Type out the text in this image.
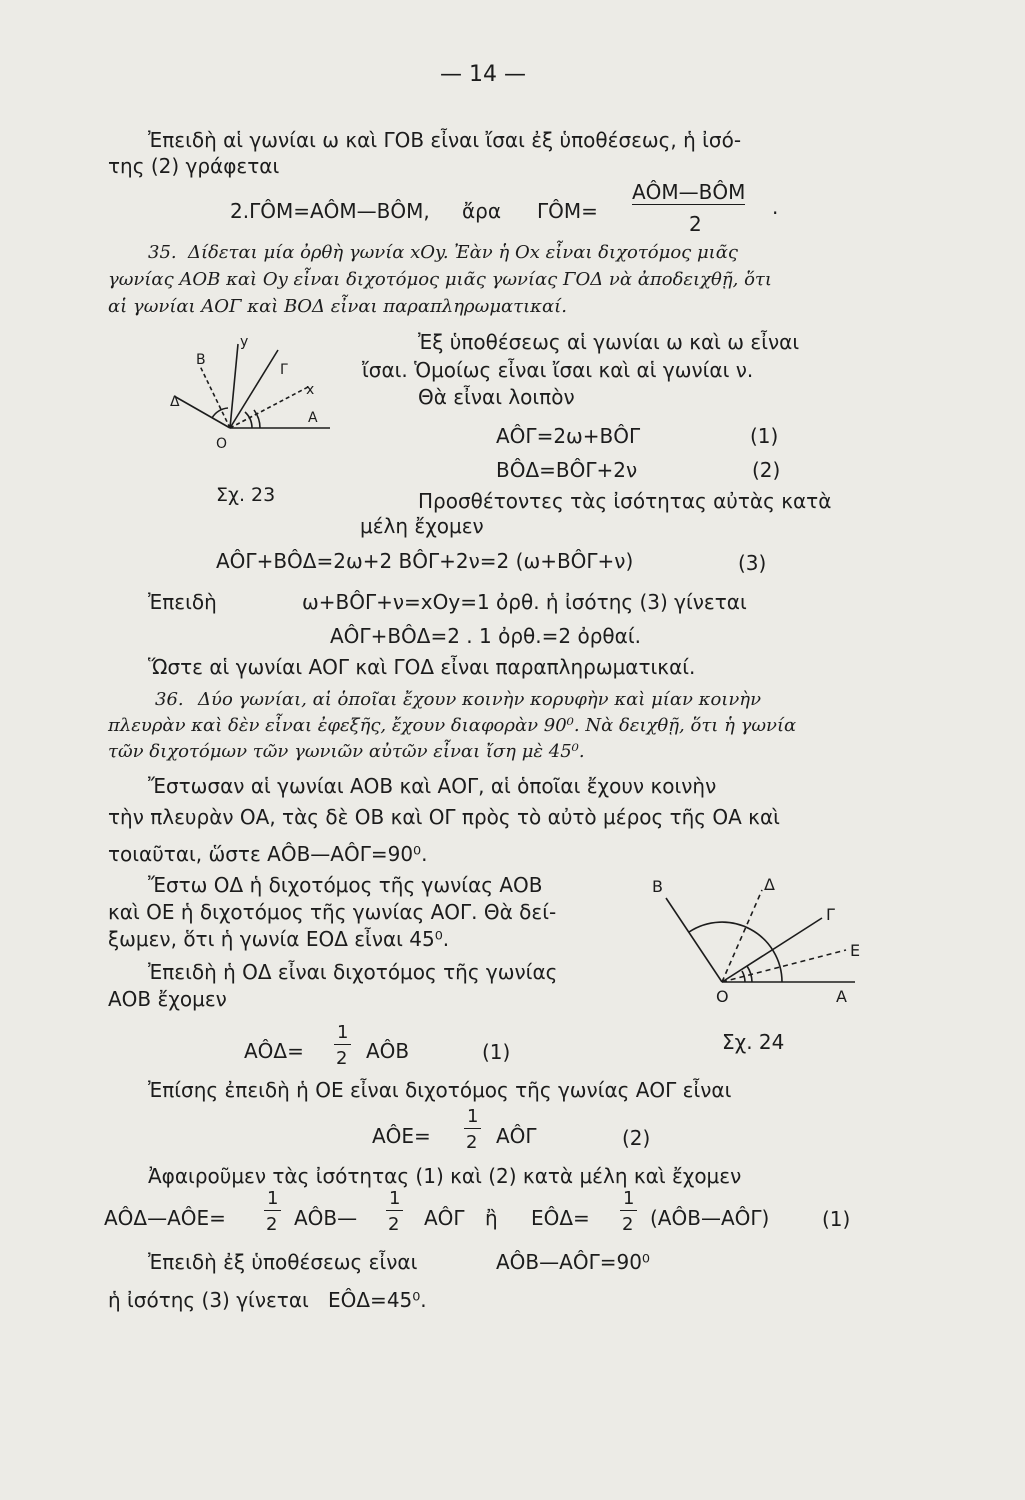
— 14 —
Ἐπειδὴ αἱ γωνίαι ω καὶ ΓΟΒ εἶναι ἴσαι ἐξ ὑποθέσεως, ἡ ἰσό-
της (2) γράφεται
2.ΓÔΜ=ΑÔΜ—ΒÔΜ, ἄρα ΓÔΜ=
ΑÔΜ—ΒÔΜ
2
.
35. Δίδεται μία ὀρθὴ γωνία xOy. Ἐὰν ἡ Ox εἶναι διχοτόμος μιᾶς
γωνίας ΑΟΒ καὶ Οy εἶναι διχοτόμος μιᾶς γωνίας ΓΟΔ νὰ ἀποδειχθῇ, ὅτι
αἱ γωνίαι ΑΟΓ καὶ ΒΟΔ εἶναι παραπληρωματικαί.
O
Δ
y
Γ
Β
x
Α
Σχ. 23
Ἐξ ὑποθέσεως αἱ γωνίαι ω καὶ ω εἶναι
ἴσαι. Ὁμοίως εἶναι ἴσαι καὶ αἱ γωνίαι ν.
Θὰ εἶναι λοιπὸν
ΑÔΓ=2ω+ΒÔΓ	(1)
ΒÔΔ=ΒÔΓ+2ν	(2)
Προσθέτοντες τὰς ἰσότητας αὐτὰς κατὰ
μέλη ἔχομεν
ΑÔΓ+ΒÔΔ=2ω+2 ΒÔΓ+2ν=2 (ω+ΒÔΓ+ν)	(3)
Ἐπειδὴ	ω+ΒÔΓ+ν=xOy=1 ὀρθ. ἡ ἰσότης (3) γίνεται
ΑÔΓ+ΒÔΔ=2 . 1 ὀρθ.=2 ὀρθαί.
Ὥστε αἱ γωνίαι ΑΟΓ καὶ ΓΟΔ εἶναι παραπληρωματικαί.
36. Δύο γωνίαι, αἱ ὁποῖαι ἔχουν κοινὴν κορυφὴν καὶ μίαν κοινὴν
πλευρὰν καὶ δὲν εἶναι ἐφεξῆς, ἔχουν διαφορὰν 90⁰. Νὰ δειχθῇ, ὅτι ἡ γωνία
τῶν διχοτόμων τῶν γωνιῶν αὐτῶν εἶναι ἴση μὲ 45⁰.
Ἔστωσαν αἱ γωνίαι ΑΟΒ καὶ ΑΟΓ, αἱ ὁποῖαι ἔχουν κοινὴν
τὴν πλευρὰν ΟΑ, τὰς δὲ ΟΒ καὶ ΟΓ πρὸς τὸ αὐτὸ μέρος τῆς ΟΑ καὶ
τοιαῦται, ὥστε ΑÔΒ—ΑÔΓ=90⁰.
Ἔστω ΟΔ ἡ διχοτόμος τῆς γωνίας ΑΟΒ
καὶ ΟΕ ἡ διχοτόμος τῆς γωνίας ΑΟΓ. Θὰ δεί-
ξωμεν, ὅτι ἡ γωνία ΕΟΔ εἶναι 45⁰.
Ἐπειδὴ ἡ ΟΔ εἶναι διχοτόμος τῆς γωνίας
ΑΟΒ ἔχομεν
Β	Δ
Γ
Ε
O	Α
Σχ. 24
ΑÔΔ=
1
2 ΑÔΒ	(1)
Ἐπίσης ἐπειδὴ ἡ ΟΕ εἶναι διχοτόμος τῆς γωνίας ΑΟΓ εἶναι
ΑÔΕ=
1
2 ΑÔΓ	(2)
Ἀφαιροῦμεν τὰς ἰσότητας (1) καὶ (2) κατὰ μέλη καὶ ἔχομεν
ΑÔΔ—ΑÔΕ=
1
2 ΑÔΒ—
1
2 ΑÔΓ ἢ ΕÔΔ=
1
2 (ΑÔΒ—ΑÔΓ)	(1)
Ἐπειδὴ ἐξ ὑποθέσεως εἶναι	ΑÔΒ—ΑÔΓ=90⁰
ἡ ἰσότης (3) γίνεται ΕÔΔ=45⁰.
